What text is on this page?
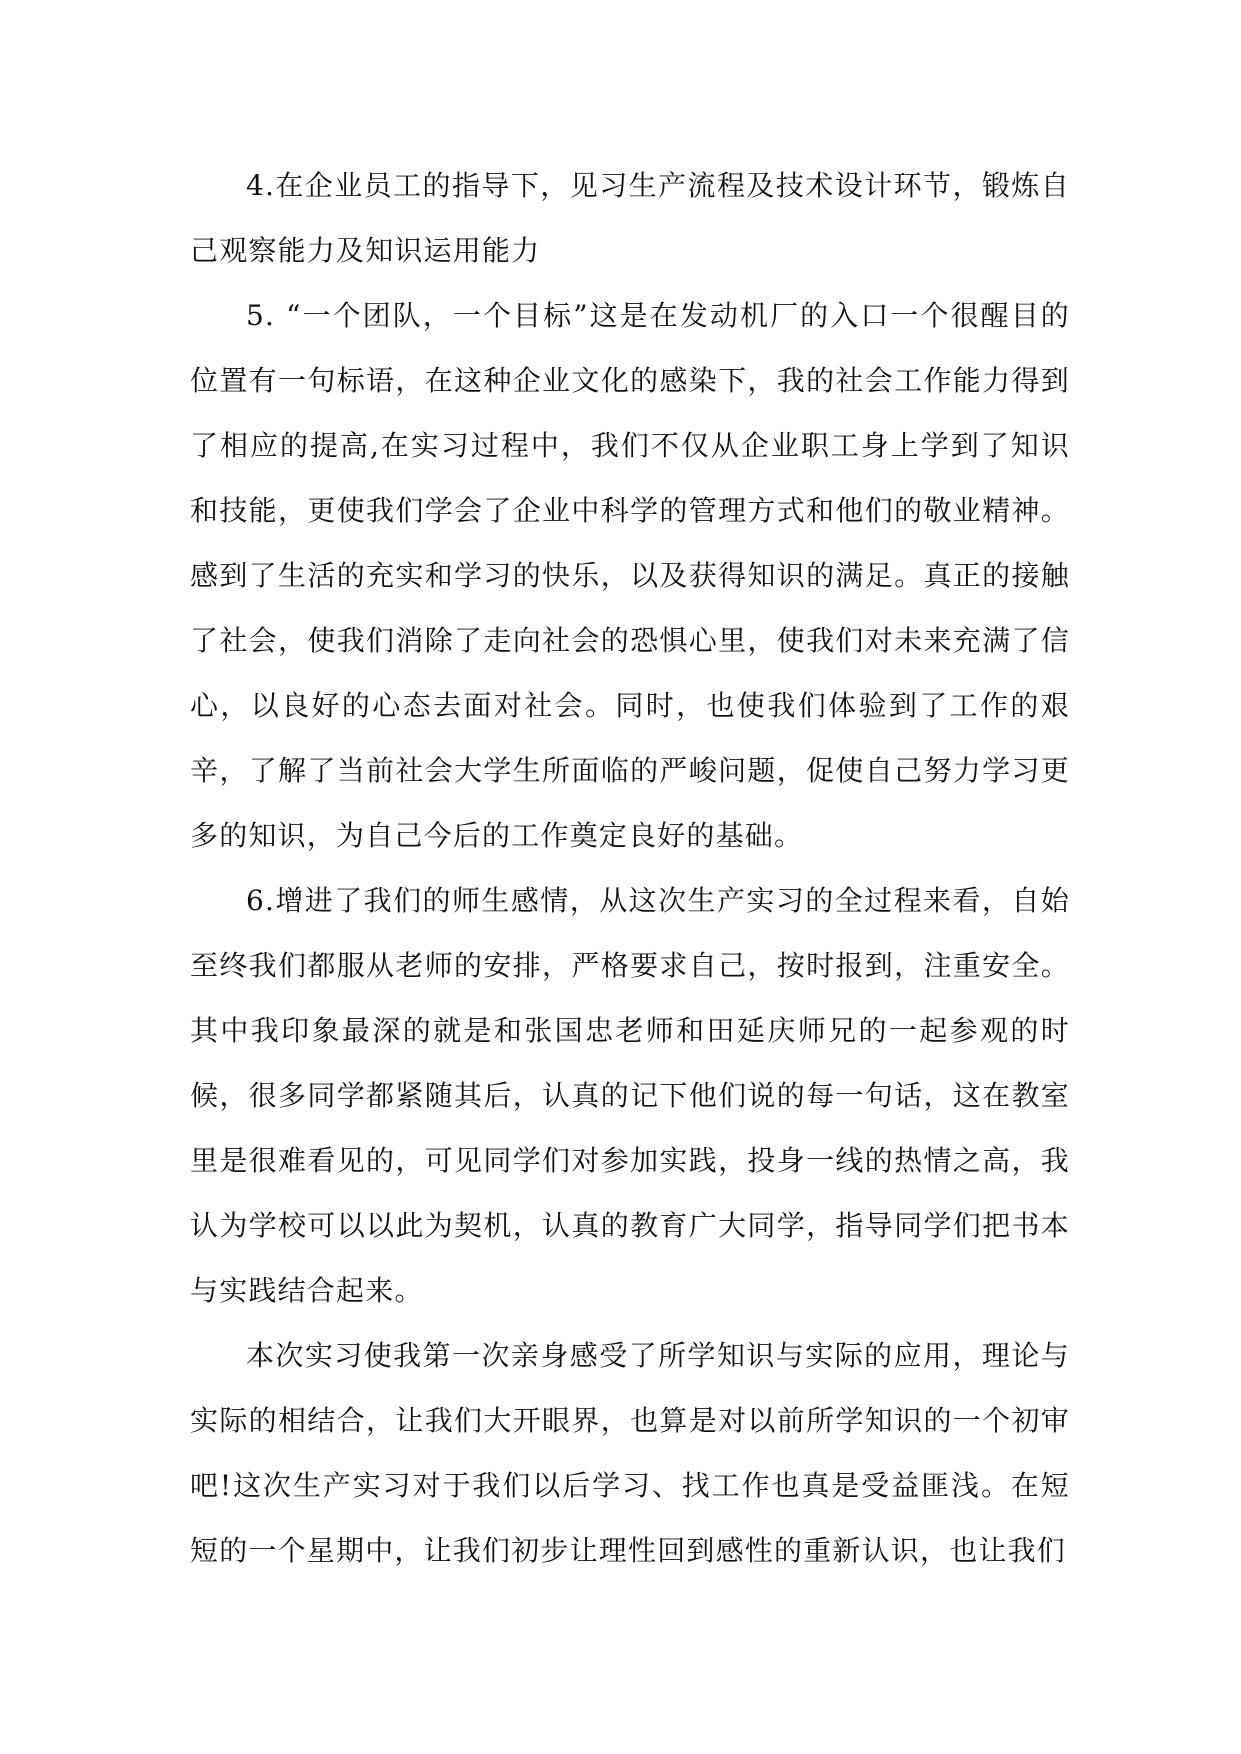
4.在企业员工的指导下，见习生产流程及技术设计环节，锻炼自己观察能力及知识运用能力

5. “一个团队，一个目标”这是在发动机厂的入口一个很醒目的位置有一句标语，在这种企业文化的感染下，我的社会工作能力得到了相应的提高,在实习过程中，我们不仅从企业职工身上学到了知识和技能，更使我们学会了企业中科学的管理方式和他们的敬业精神。感到了生活的充实和学习的快乐，以及获得知识的满足。真正的接触了社会，使我们消除了走向社会的恐惧心里，使我们对未来充满了信心，以良好的心态去面对社会。同时，也使我们体验到了工作的艰辛，了解了当前社会大学生所面临的严峻问题，促使自己努力学习更多的知识，为自己今后的工作奠定良好的基础。

6.增进了我们的师生感情，从这次生产实习的全过程来看，自始至终我们都服从老师的安排，严格要求自己，按时报到，注重安全。其中我印象最深的就是和张国忠老师和田延庆师兄的一起参观的时候，很多同学都紧随其后，认真的记下他们说的每一句话，这在教室里是很难看见的，可见同学们对参加实践，投身一线的热情之高，我认为学校可以以此为契机，认真的教育广大同学，指导同学们把书本与实践结合起来。

本次实习使我第一次亲身感受了所学知识与实际的应用，理论与实际的相结合，让我们大开眼界，也算是对以前所学知识的一个初审吧!这次生产实习对于我们以后学习、找工作也真是受益匪浅。在短短的一个星期中，让我们初步让理性回到感性的重新认识，也让我们
